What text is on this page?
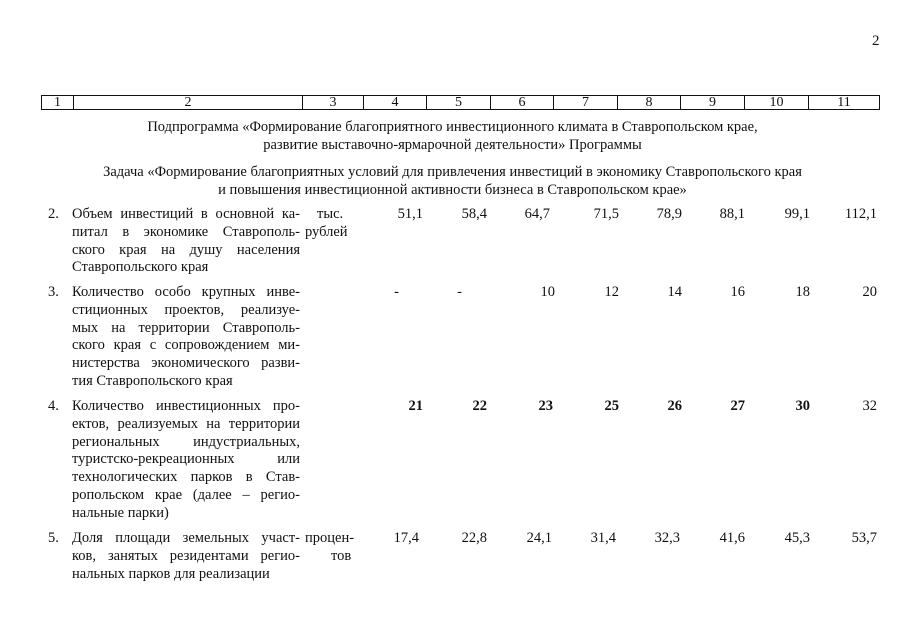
2
1	2	3	4	5	6	7	8	9	10	11
Подпрограмма «Формирование благоприятного инвестиционного климата в Ставропольском крае,
развитие выставочно-ярмарочной деятельности» Программы
Задача «Формирование благоприятных условий для привлечения инвестиций в экономику Ставропольского края
и повышения инвестиционной активности бизнеса в Ставропольском крае»
2. Объем инвестиций в основной ка-
питал в экономике Ставрополь-
ского края на душу населения
Ставропольского края
тыс.
рублей
51,1	58,4	64,7	71,5	78,9	88,1	99,1	112,1
3. Количество особо крупных инве-
стиционных проектов, реализуе-
мых на территории Ставрополь-
ского края с сопровождением ми-
нистерства экономического разви-
тия Ставропольского края
-	-	10	12	14	16	18	20
4. Количество инвестиционных про-
ектов, реализуемых на территории
региональных индустриальных,
туристско-рекреационных или
технологических парков в Став-
ропольском крае (далее – регио-
нальные парки)
21	22	23	25	26	27	30	32
5. Доля площади земельных участ-
ков, занятых резидентами регио-
нальных парков для реализации
процен-
тов
17,4	22,8	24,1	31,4	32,3	41,6	45,3	53,7
